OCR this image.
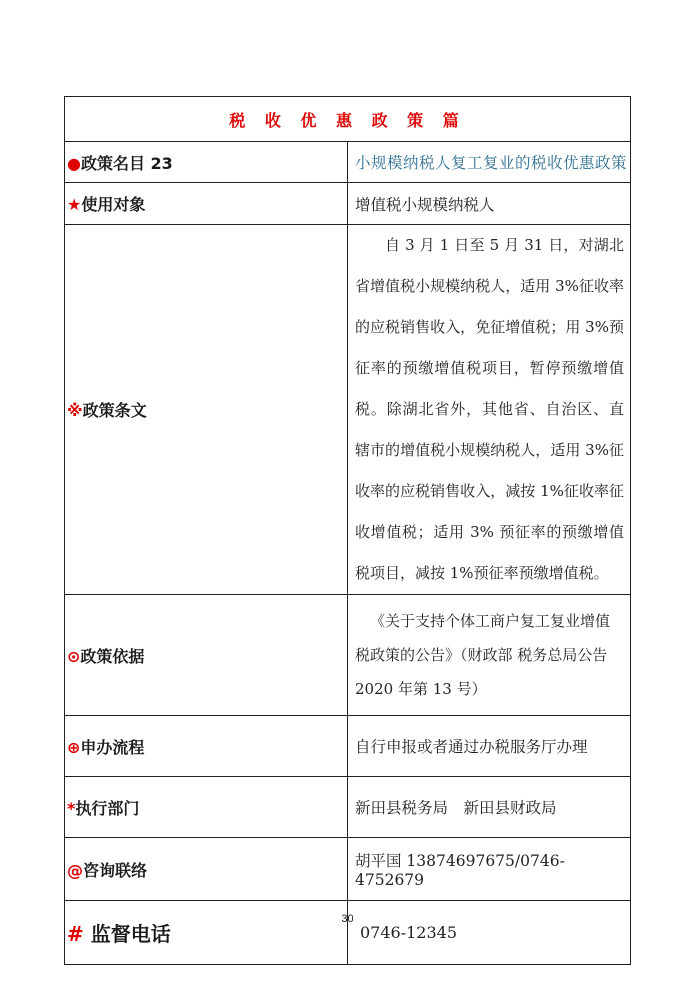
税 收 优 惠 政 策 篇	
●政策名目 23	小规模纳税人复工复业的税收优惠政策
★使用对象	增值税小规模纳税人
※政策条文	自 3 月 1 日至 5 月 31 日，对湖北省增值税小规模纳税人，适用 3%征收率的应税销售收入，免征增值税；用 3%预征率的预缴增值税项目，暂停预缴增值税。除湖北省外，其他省、自治区、直辖市的增值税小规模纳税人，适用 3%征收率的应税销售收入，减按 1%征收率征收增值税；适用 3% 预征率的预缴增值税项目，减按 1%预征率预缴增值税。

⊙政策依据	《关于支持个体工商户复工复业增值税政策的公告》（财政部 税务总局公告 2020 年第 13 号）
⊕申办流程	自行申报或者通过办税服务厅办理
*执行部门	新田县税务局　新田县财政局
@咨询联络	胡平国 13874697675/0746-4752679
# 监督电话	0746-12345
30
